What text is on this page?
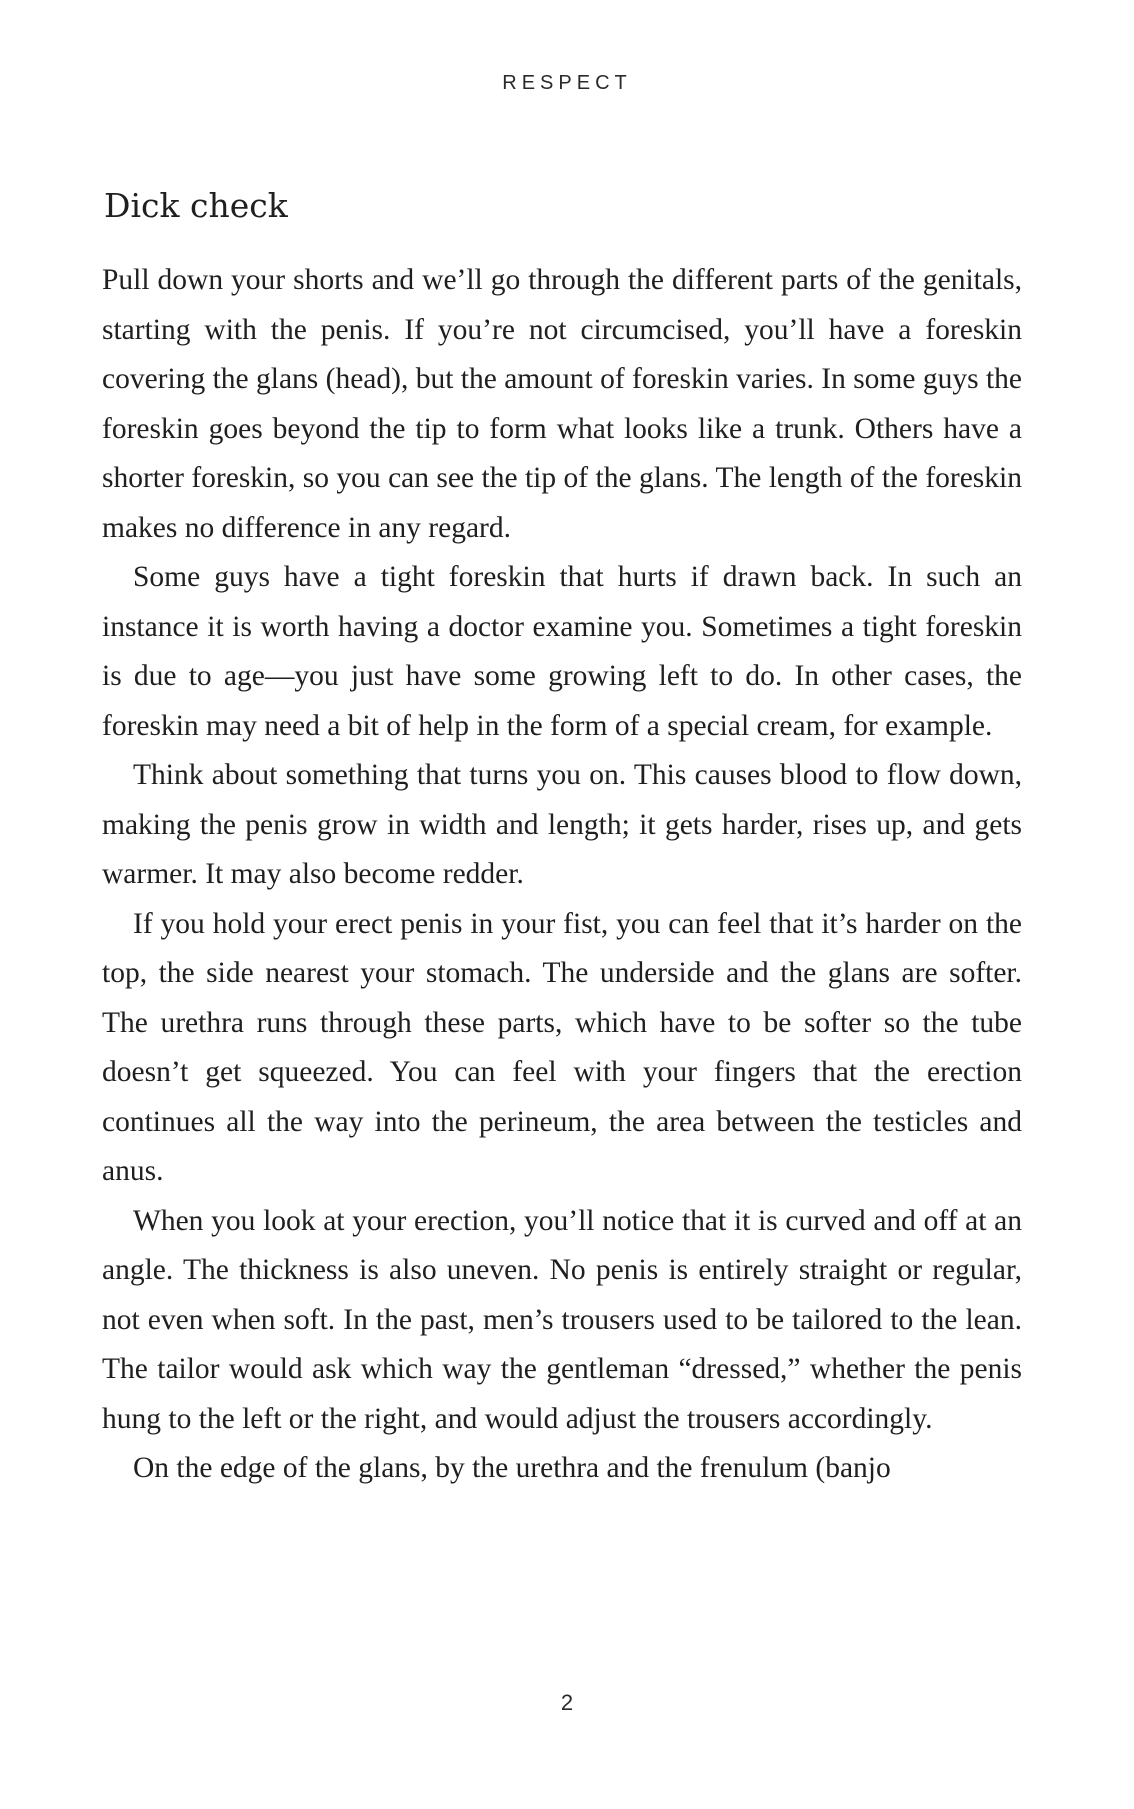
RESPECT
Dick check

Pull down your shorts and we’ll go through the different parts of the genitals, starting with the penis. If you’re not circumcised, you’ll have a foreskin covering the glans (head), but the amount of foreskin varies. In some guys the foreskin goes beyond the tip to form what looks like a trunk. Others have a shorter foreskin, so you can see the tip of the glans. The length of the foreskin makes no difference in any regard.

Some guys have a tight foreskin that hurts if drawn back. In such an instance it is worth having a doctor examine you. Sometimes a tight foreskin is due to age—you just have some growing left to do. In other cases, the foreskin may need a bit of help in the form of a special cream, for example.

Think about something that turns you on. This causes blood to flow down, making the penis grow in width and length; it gets harder, rises up, and gets warmer. It may also become redder.

If you hold your erect penis in your fist, you can feel that it’s harder on the top, the side nearest your stomach. The underside and the glans are softer. The urethra runs through these parts, which have to be softer so the tube doesn’t get squeezed. You can feel with your fingers that the erection continues all the way into the perineum, the area between the testicles and anus.

When you look at your erection, you’ll notice that it is curved and off at an angle. The thickness is also uneven. No penis is entirely straight or regular, not even when soft. In the past, men’s trousers used to be tailored to the lean. The tailor would ask which way the gentleman “dressed,” whether the penis hung to the left or the right, and would adjust the trousers accordingly.

On the edge of the glans, by the urethra and the frenulum (banjo

2
